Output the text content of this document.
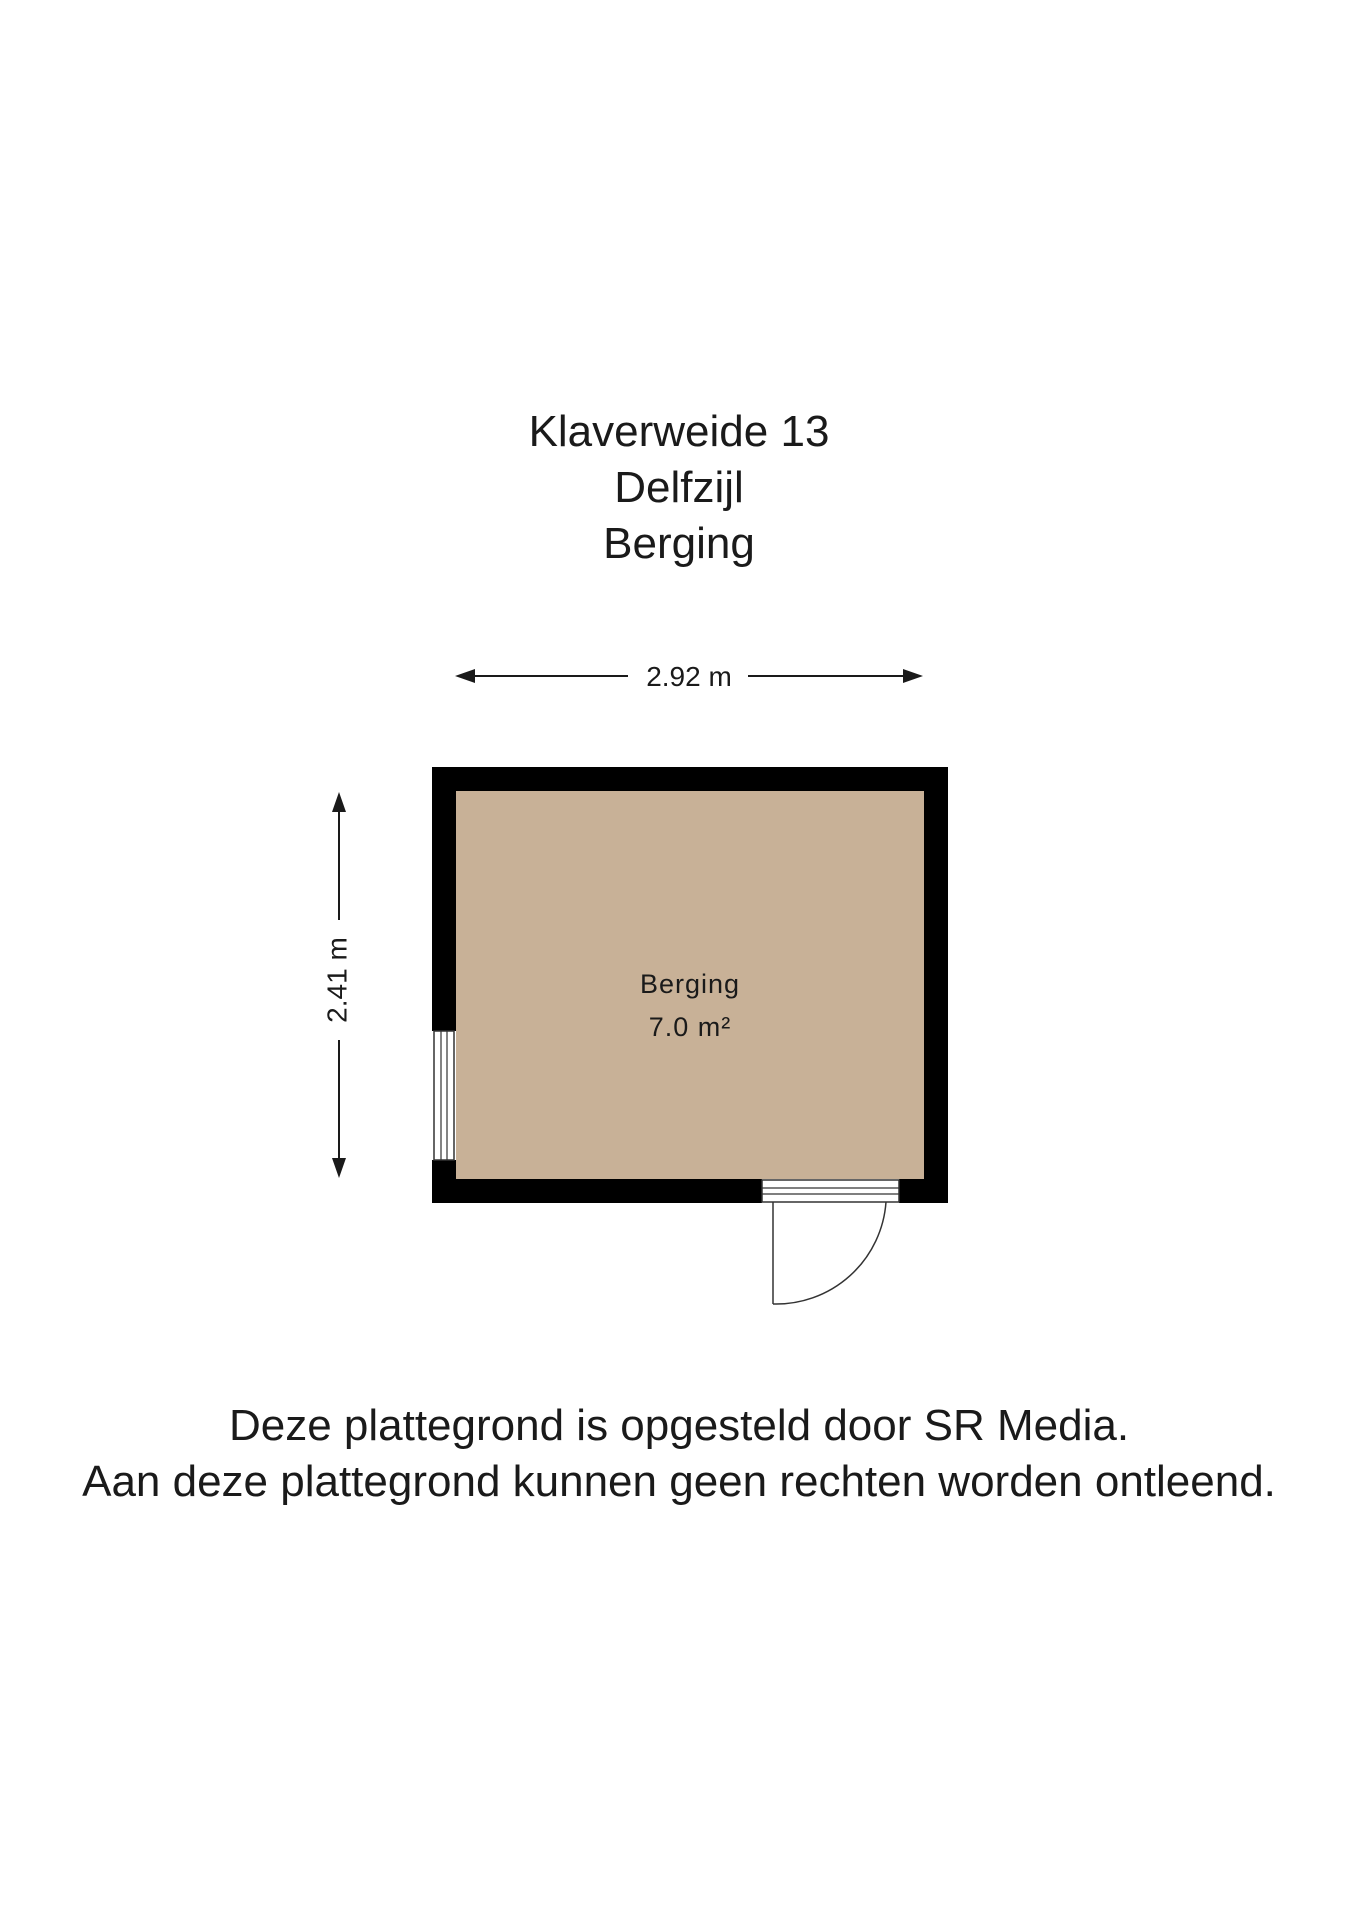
Klaverweide 13
Delfzijl
Berging
2.92 m
2.41 m	Berging
7.0 m²
Deze plattegrond is opgesteld door SR Media.
Aan deze plattegrond kunnen geen rechten worden ontleend.
